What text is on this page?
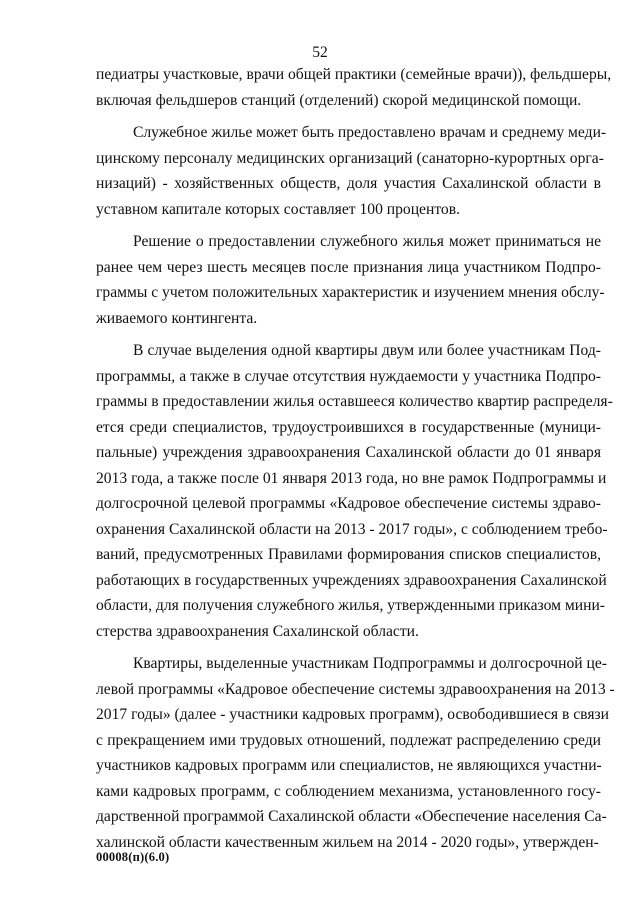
52
педиатры участковые, врачи общей практики (семейные врачи)), фельдшеры,
включая фельдшеров станций (отделений) скорой медицинской помощи.
Служебное жилье может быть предоставлено врачам и среднему меди-
цинскому персоналу медицинских организаций (санаторно-курортных орга-
низаций) - хозяйственных обществ, доля участия Сахалинской области в
уставном капитале которых составляет 100 процентов.
Решение о предоставлении служебного жилья может приниматься не
ранее чем через шесть месяцев после признания лица участником Подпро-
граммы с учетом положительных характеристик и изучением мнения обслу-
живаемого контингента.
В случае выделения одной квартиры двум или более участникам Под-
программы, а также в случае отсутствия нуждаемости у участника Подпро-
граммы в предоставлении жилья оставшееся количество квартир распределя-
ется среди специалистов, трудоустроившихся в государственные (муници-
пальные) учреждения здравоохранения Сахалинской области до 01 января
2013 года, а также после 01 января 2013 года, но вне рамок Подпрограммы и
долгосрочной целевой программы «Кадровое обеспечение системы здраво-
охранения Сахалинской области на 2013 - 2017 годы», с соблюдением требо-
ваний, предусмотренных Правилами формирования списков специалистов,
работающих в государственных учреждениях здравоохранения Сахалинской
области, для получения служебного жилья, утвержденными приказом мини-
стерства здравоохранения Сахалинской области.
Квартиры, выделенные участникам Подпрограммы и долгосрочной це-
левой программы «Кадровое обеспечение системы здравоохранения на 2013 -
2017 годы» (далее - участники кадровых программ), освободившиеся в связи
с прекращением ими трудовых отношений, подлежат распределению среди
участников кадровых программ или специалистов, не являющихся участни-
ками кадровых программ, с соблюдением механизма, установленного госу-
дарственной программой Сахалинской области «Обеспечение населения Са-
халинской области качественным жильем на 2014 - 2020 годы», утвержден-
00008(п)(6.0)
